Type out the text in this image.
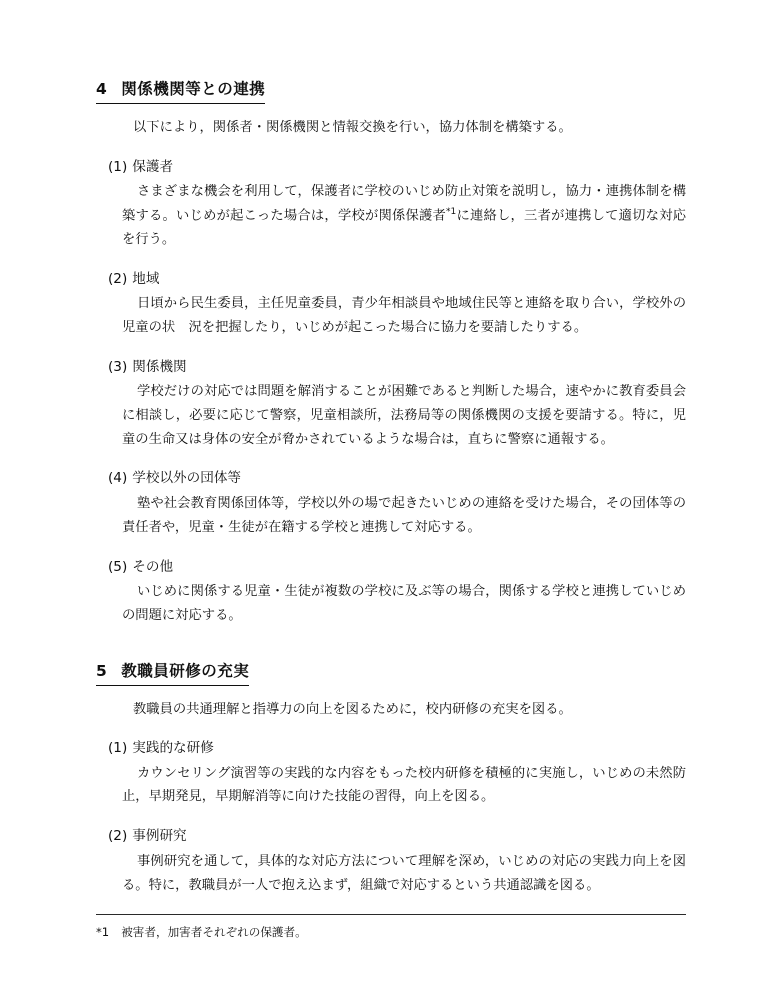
4 関係機関等との連携

以下により，関係者・関係機関と情報交換を行い，協力体制を構築する。

(1) 保護者

さまざまな機会を利用して，保護者に学校のいじめ防止対策を説明し，協力・連携体制を構築する。いじめが起こった場合は，学校が関係保護者$^{*1}$に連絡し，三者が連携して適切な対応を行う。

(2) 地域

日頃から民生委員，主任児童委員，青少年相談員や地域住民等と連絡を取り合い，学校外の児童の状　況を把握したり，いじめが起こった場合に協力を要請したりする。

(3) 関係機関

学校だけの対応では問題を解消することが困難であると判断した場合，速やかに教育委員会に相談し，必要に応じて警察，児童相談所，法務局等の関係機関の支援を要請する。特に，児童の生命又は身体の安全が脅かされているような場合は，直ちに警察に通報する。

(4) 学校以外の団体等

塾や社会教育関係団体等，学校以外の場で起きたいじめの連絡を受けた場合，その団体等の責任者や，児童・生徒が在籍する学校と連携して対応する。

(5) その他

いじめに関係する児童・生徒が複数の学校に及ぶ等の場合，関係する学校と連携していじめの問題に対応する。

5 教職員研修の充実

教職員の共通理解と指導力の向上を図るために，校内研修の充実を図る。

(1) 実践的な研修

カウンセリング演習等の実践的な内容をもった校内研修を積極的に実施し，いじめの未然防止，早期発見，早期解消等に向けた技能の習得，向上を図る。

(2) 事例研究

事例研究を通して，具体的な対応方法について理解を深め，いじめの対応の実践力向上を図る。特に，教職員が一人で抱え込まず，組織で対応するという共通認識を図る。

*1 被害者，加害者それぞれの保護者。
